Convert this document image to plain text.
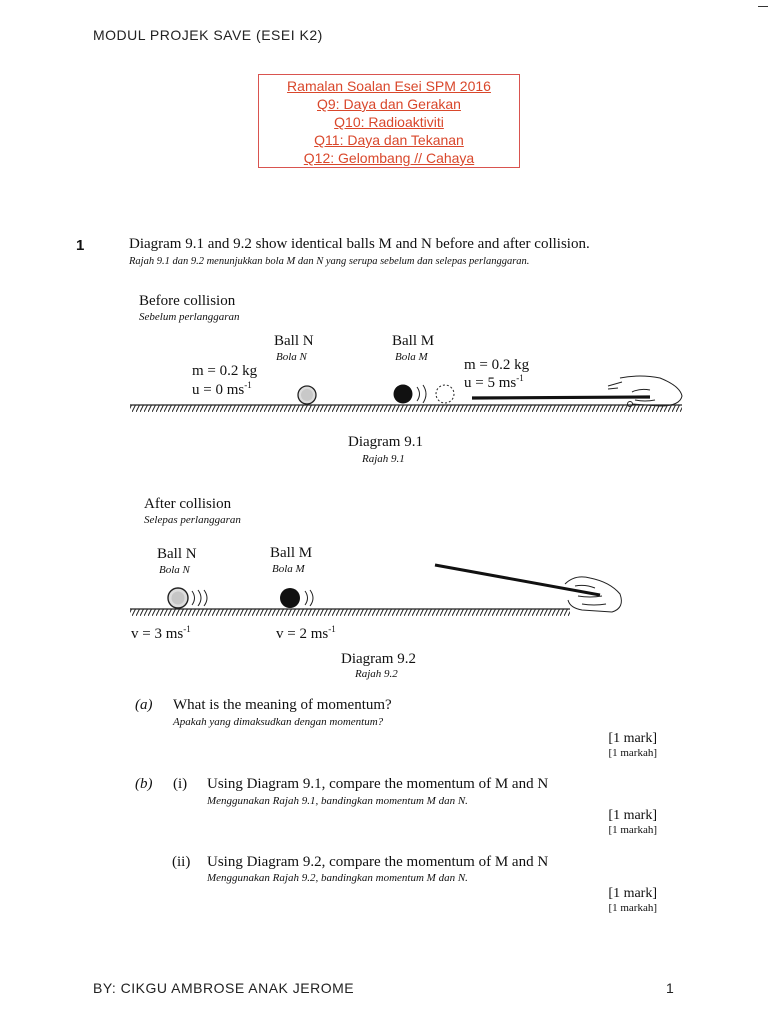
MODUL PROJEK SAVE (ESEI K2)
Ramalan Soalan Esei SPM 2016
Q9: Daya dan Gerakan
Q10: Radioaktiviti
Q11: Daya dan Tekanan
Q12: Gelombang // Cahaya
1	Diagram 9.1 and 9.2 show identical balls M and N before and after collision.
Rajah 9.1 dan 9.2 menunjukkan bola M dan N yang serupa sebelum dan selepas perlanggaran.
Before collision
Sebelum perlanggaran
Ball N
Bola N
Ball M
Bola M
m = 0.2 kg
u = 0 $ms^{-1}$
m = 0.2 kg
u = 5 $ms^{-1}$
Diagram 9.1
Rajah 9.1
After collision
Selepas perlanggaran
Ball N
Bola N
Ball M
Bola M
v = 3 $ms^{-1}$	v = 2 $ms^{-1}$
Diagram 9.2
Rajah 9.2
(a) What is the meaning of momentum?
Apakah yang dimaksudkan dengan momentum?
[1 mark]
[1 markah]
(b) (i) Using Diagram 9.1, compare the momentum of M and N
Menggunakan Rajah 9.1, bandingkan momentum M dan N.
[1 mark]
[1 markah]
(ii) Using Diagram 9.2, compare the momentum of M and N
Menggunakan Rajah 9.2, bandingkan momentum M dan N.
[1 mark]
[1 markah]
BY: CIKGU AMBROSE ANAK JEROME	1
